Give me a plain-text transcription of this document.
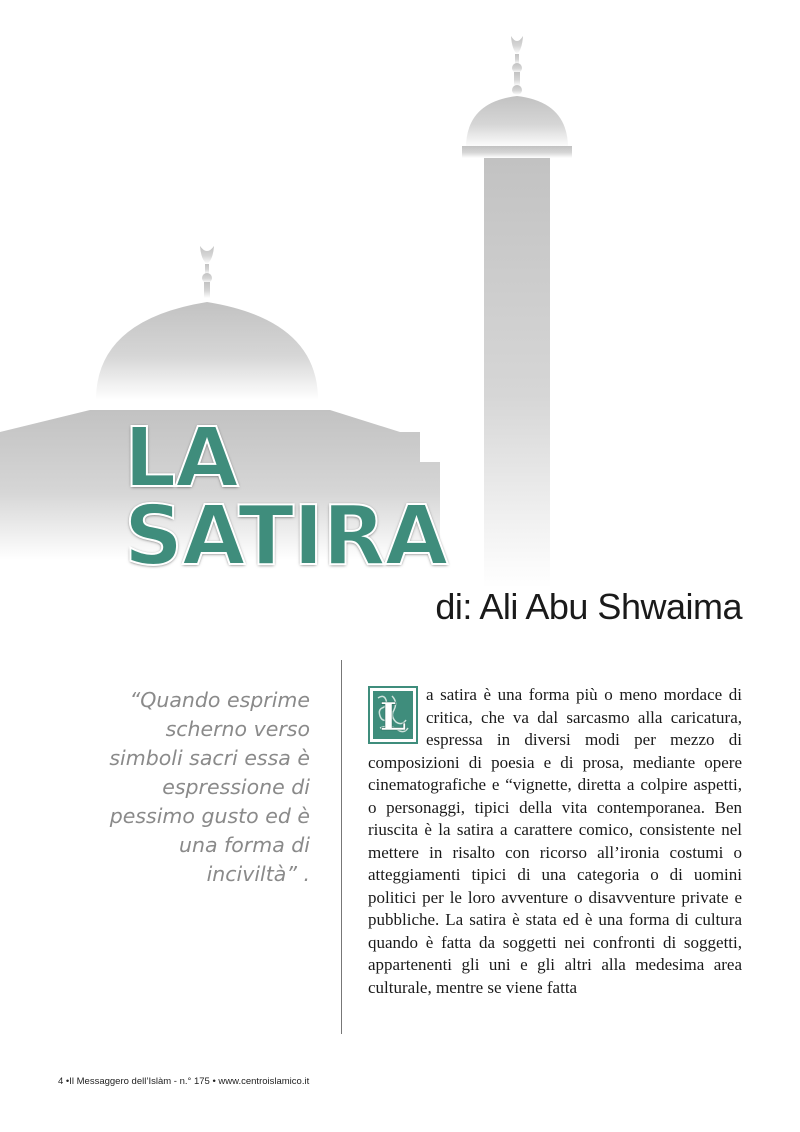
LA
SATIRA
di: Ali Abu Shwaima
“Quando esprime scherno verso simboli sacri essa è espressione di pessimo gusto ed è una forma di inciviltà” .
L a satira è una forma più o meno mordace di critica, che va dal sarcasmo alla caricatura, espressa in diversi modi per mezzo di composizioni di poesia e di prosa, mediante opere cinematografiche e “vignette, diretta a colpire aspetti, o personaggi, tipici della vita contemporanea. Ben riuscita è la satira a carattere comico, consistente nel mettere in risalto con ricorso all’ironia costumi o atteggiamenti tipici di una categoria o di uomini politici per le loro avventure o disavventure private e pubbliche. La satira è stata ed è una forma di cultura quando è fatta da soggetti nei confronti di soggetti, appartenenti gli uni e gli altri alla medesima area culturale, mentre se viene fatta
4 •Il Messaggero dell’Islàm - n.° 175 • www.centroislamico.it
